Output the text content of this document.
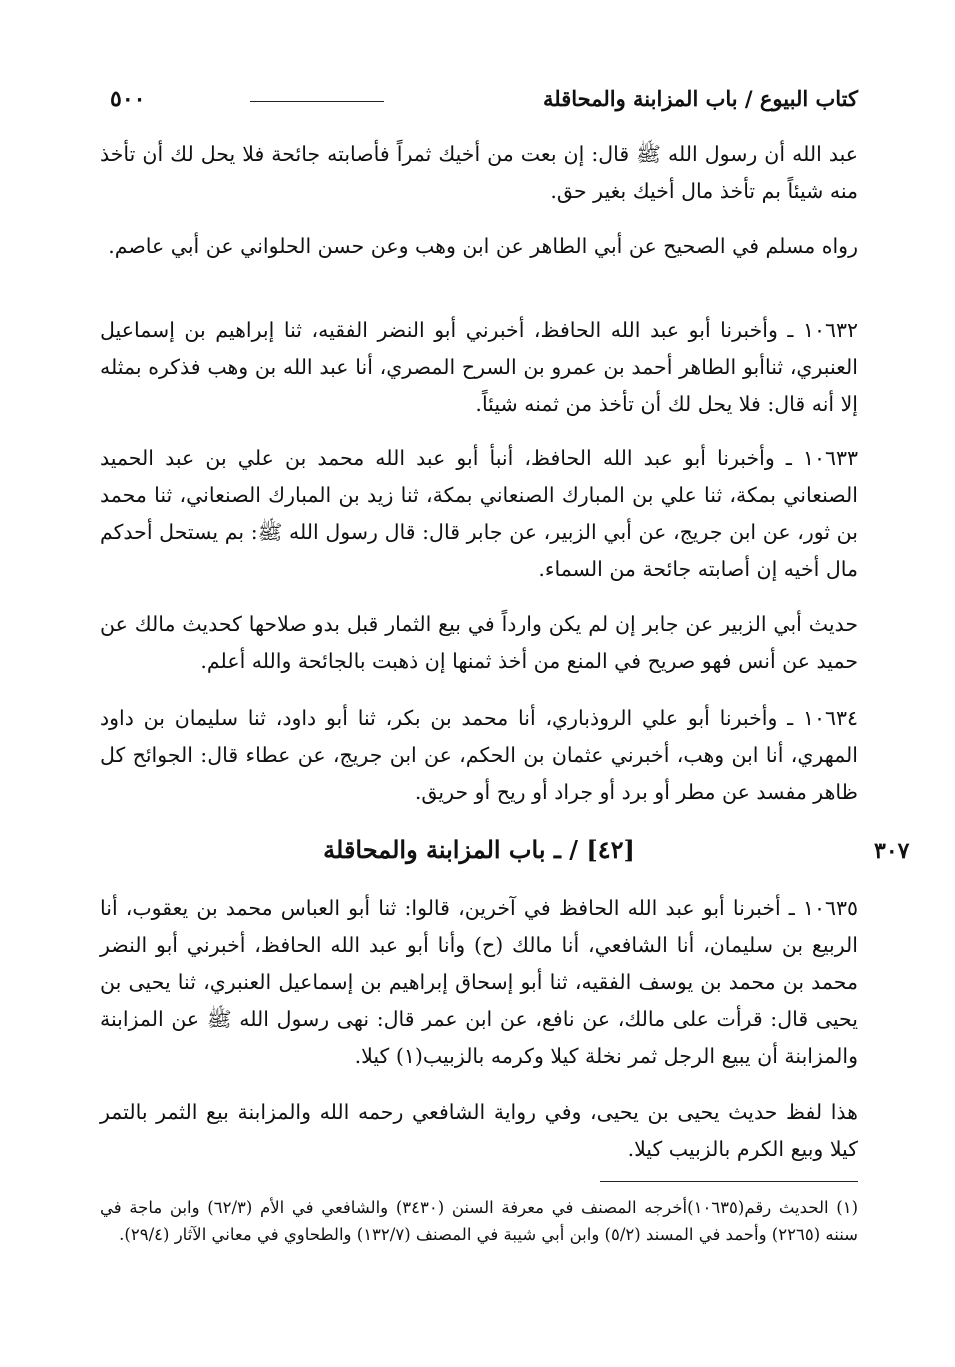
كتاب البيوع / باب المزابنة والمحاقلة
٥٠٠

عبد الله أن رسول الله ﷺ قال: إن بعت من أخيك ثمراً فأصابته جائحة فلا يحل لك أن تأخذ منه شيئاً بم تأخذ مال أخيك بغير حق.

رواه مسلم في الصحيح عن أبي الطاهر عن ابن وهب وعن حسن الحلواني عن أبي عاصم.

١٠٦٣٢ ـ وأخبرنا أبو عبد الله الحافظ، أخبرني أبو النضر الفقيه، ثنا إبراهيم بن إسماعيل العنبري، ثناأبو الطاهر أحمد بن عمرو بن السرح المصري، أنا عبد الله بن وهب فذكره بمثله إلا أنه قال: فلا يحل لك أن تأخذ من ثمنه شيئاً.

١٠٦٣٣ ـ وأخبرنا أبو عبد الله الحافظ، أنبأ أبو عبد الله محمد بن علي بن عبد الحميد الصنعاني بمكة، ثنا علي بن المبارك الصنعاني بمكة، ثنا زيد بن المبارك الصنعاني، ثنا محمد بن ثور، عن ابن جريج، عن أبي الزبير، عن جابر قال: قال رسول الله ﷺ: بم يستحل أحدكم مال أخيه إن أصابته جائحة من السماء.

حديث أبي الزبير عن جابر إن لم يكن وارداً في بيع الثمار قبل بدو صلاحها كحديث مالك عن حميد عن أنس فهو صريح في المنع من أخذ ثمنها إن ذهبت بالجائحة والله أعلم.

١٠٦٣٤ ـ وأخبرنا أبو علي الروذباري، أنا محمد بن بكر، ثنا أبو داود، ثنا سليمان بن داود المهري، أنا ابن وهب، أخبرني عثمان بن الحكم، عن ابن جريج، عن عطاء قال: الجوائح كل ظاهر مفسد عن مطر أو برد أو جراد أو ريح أو حريق.

[٤٢] / ـ باب المزابنة والمحاقلة	٣٠٧

١٠٦٣٥ ـ أخبرنا أبو عبد الله الحافظ في آخرين، قالوا: ثنا أبو العباس محمد بن يعقوب، أنا الربيع بن سليمان، أنا الشافعي، أنا مالك (ح) وأنا أبو عبد الله الحافظ، أخبرني أبو النضر محمد بن محمد بن يوسف الفقيه، ثنا أبو إسحاق إبراهيم بن إسماعيل العنبري، ثنا يحيى بن يحيى قال: قرأت على مالك، عن نافع، عن ابن عمر قال: نهى رسول الله ﷺ عن المزابنة والمزابنة أن يبيع الرجل ثمر نخلة كيلا وكرمه بالزبيب(١) كيلا.

هذا لفظ حديث يحيى بن يحيى، وفي رواية الشافعي رحمه الله والمزابنة بيع الثمر بالتمر كيلا وبيع الكرم بالزبيب كيلا.

(١) الحديث رقم(١٠٦٣٥)أخرجه المصنف في معرفة السنن (٣٤٣٠) والشافعي في الأم (٦٢/٣) وابن ماجة في سننه (٢٢٦٥) وأحمد في المسند (٥/٢) وابن أبي شيبة في المصنف (١٣٢/٧) والطحاوي في معاني الآثار (٢٩/٤).
